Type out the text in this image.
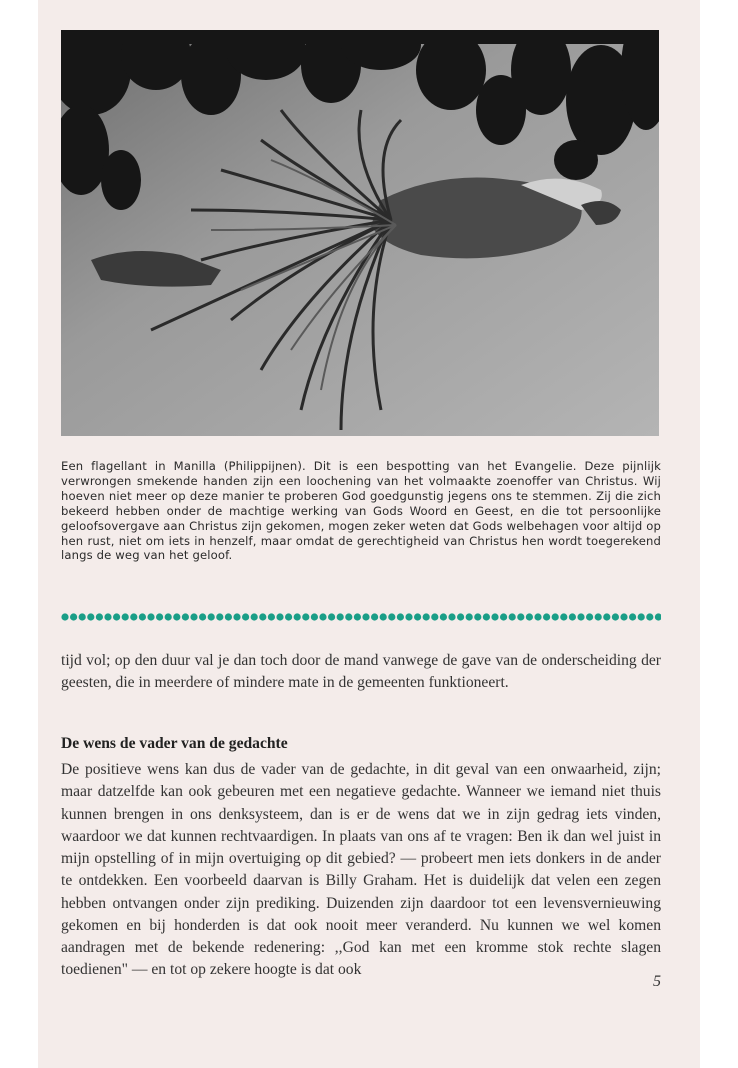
Een flagellant in Manilla (Philippijnen). Dit is een bespotting van het Evangelie. Deze pijnlijk verwrongen smekende handen zijn een loochening van het volmaakte zoenoffer van Christus. Wij hoeven niet meer op deze manier te proberen God goedgunstig jegens ons te stemmen. Zij die zich bekeerd hebben onder de machtige werking van Gods Woord en Geest, en die tot persoonlijke geloofsovergave aan Christus zijn gekomen, mogen zeker weten dat Gods welbehagen voor altijd op hen rust, niet om iets in henzelf, maar omdat de gerechtigheid van Christus hen wordt toegerekend langs de weg van het geloof.

tijd vol; op den duur val je dan toch door de mand vanwege de gave van de onderscheiding der geesten, die in meerdere of mindere mate in de gemeenten funktioneert.

De wens de vader van de gedachte

De positieve wens kan dus de vader van de gedachte, in dit geval van een onwaarheid, zijn; maar datzelfde kan ook gebeuren met een negatieve gedachte. Wanneer we iemand niet thuis kunnen brengen in ons denksysteem, dan is er de wens dat we in zijn gedrag iets vinden, waardoor we dat kunnen rechtvaardigen. In plaats van ons af te vragen: Ben ik dan wel juist in mijn opstelling of in mijn overtuiging op dit gebied? — probeert men iets donkers in de ander te ontdekken. Een voorbeeld daarvan is Billy Graham. Het is duidelijk dat velen een zegen hebben ontvangen onder zijn prediking. Duizenden zijn daardoor tot een levensvernieuwing gekomen en bij honderden is dat ook nooit meer veranderd. Nu kunnen we wel komen aandragen met de bekende redenering: ,,God kan met een kromme stok rechte slagen toedienen" — en tot op zekere hoogte is dat ook

5
